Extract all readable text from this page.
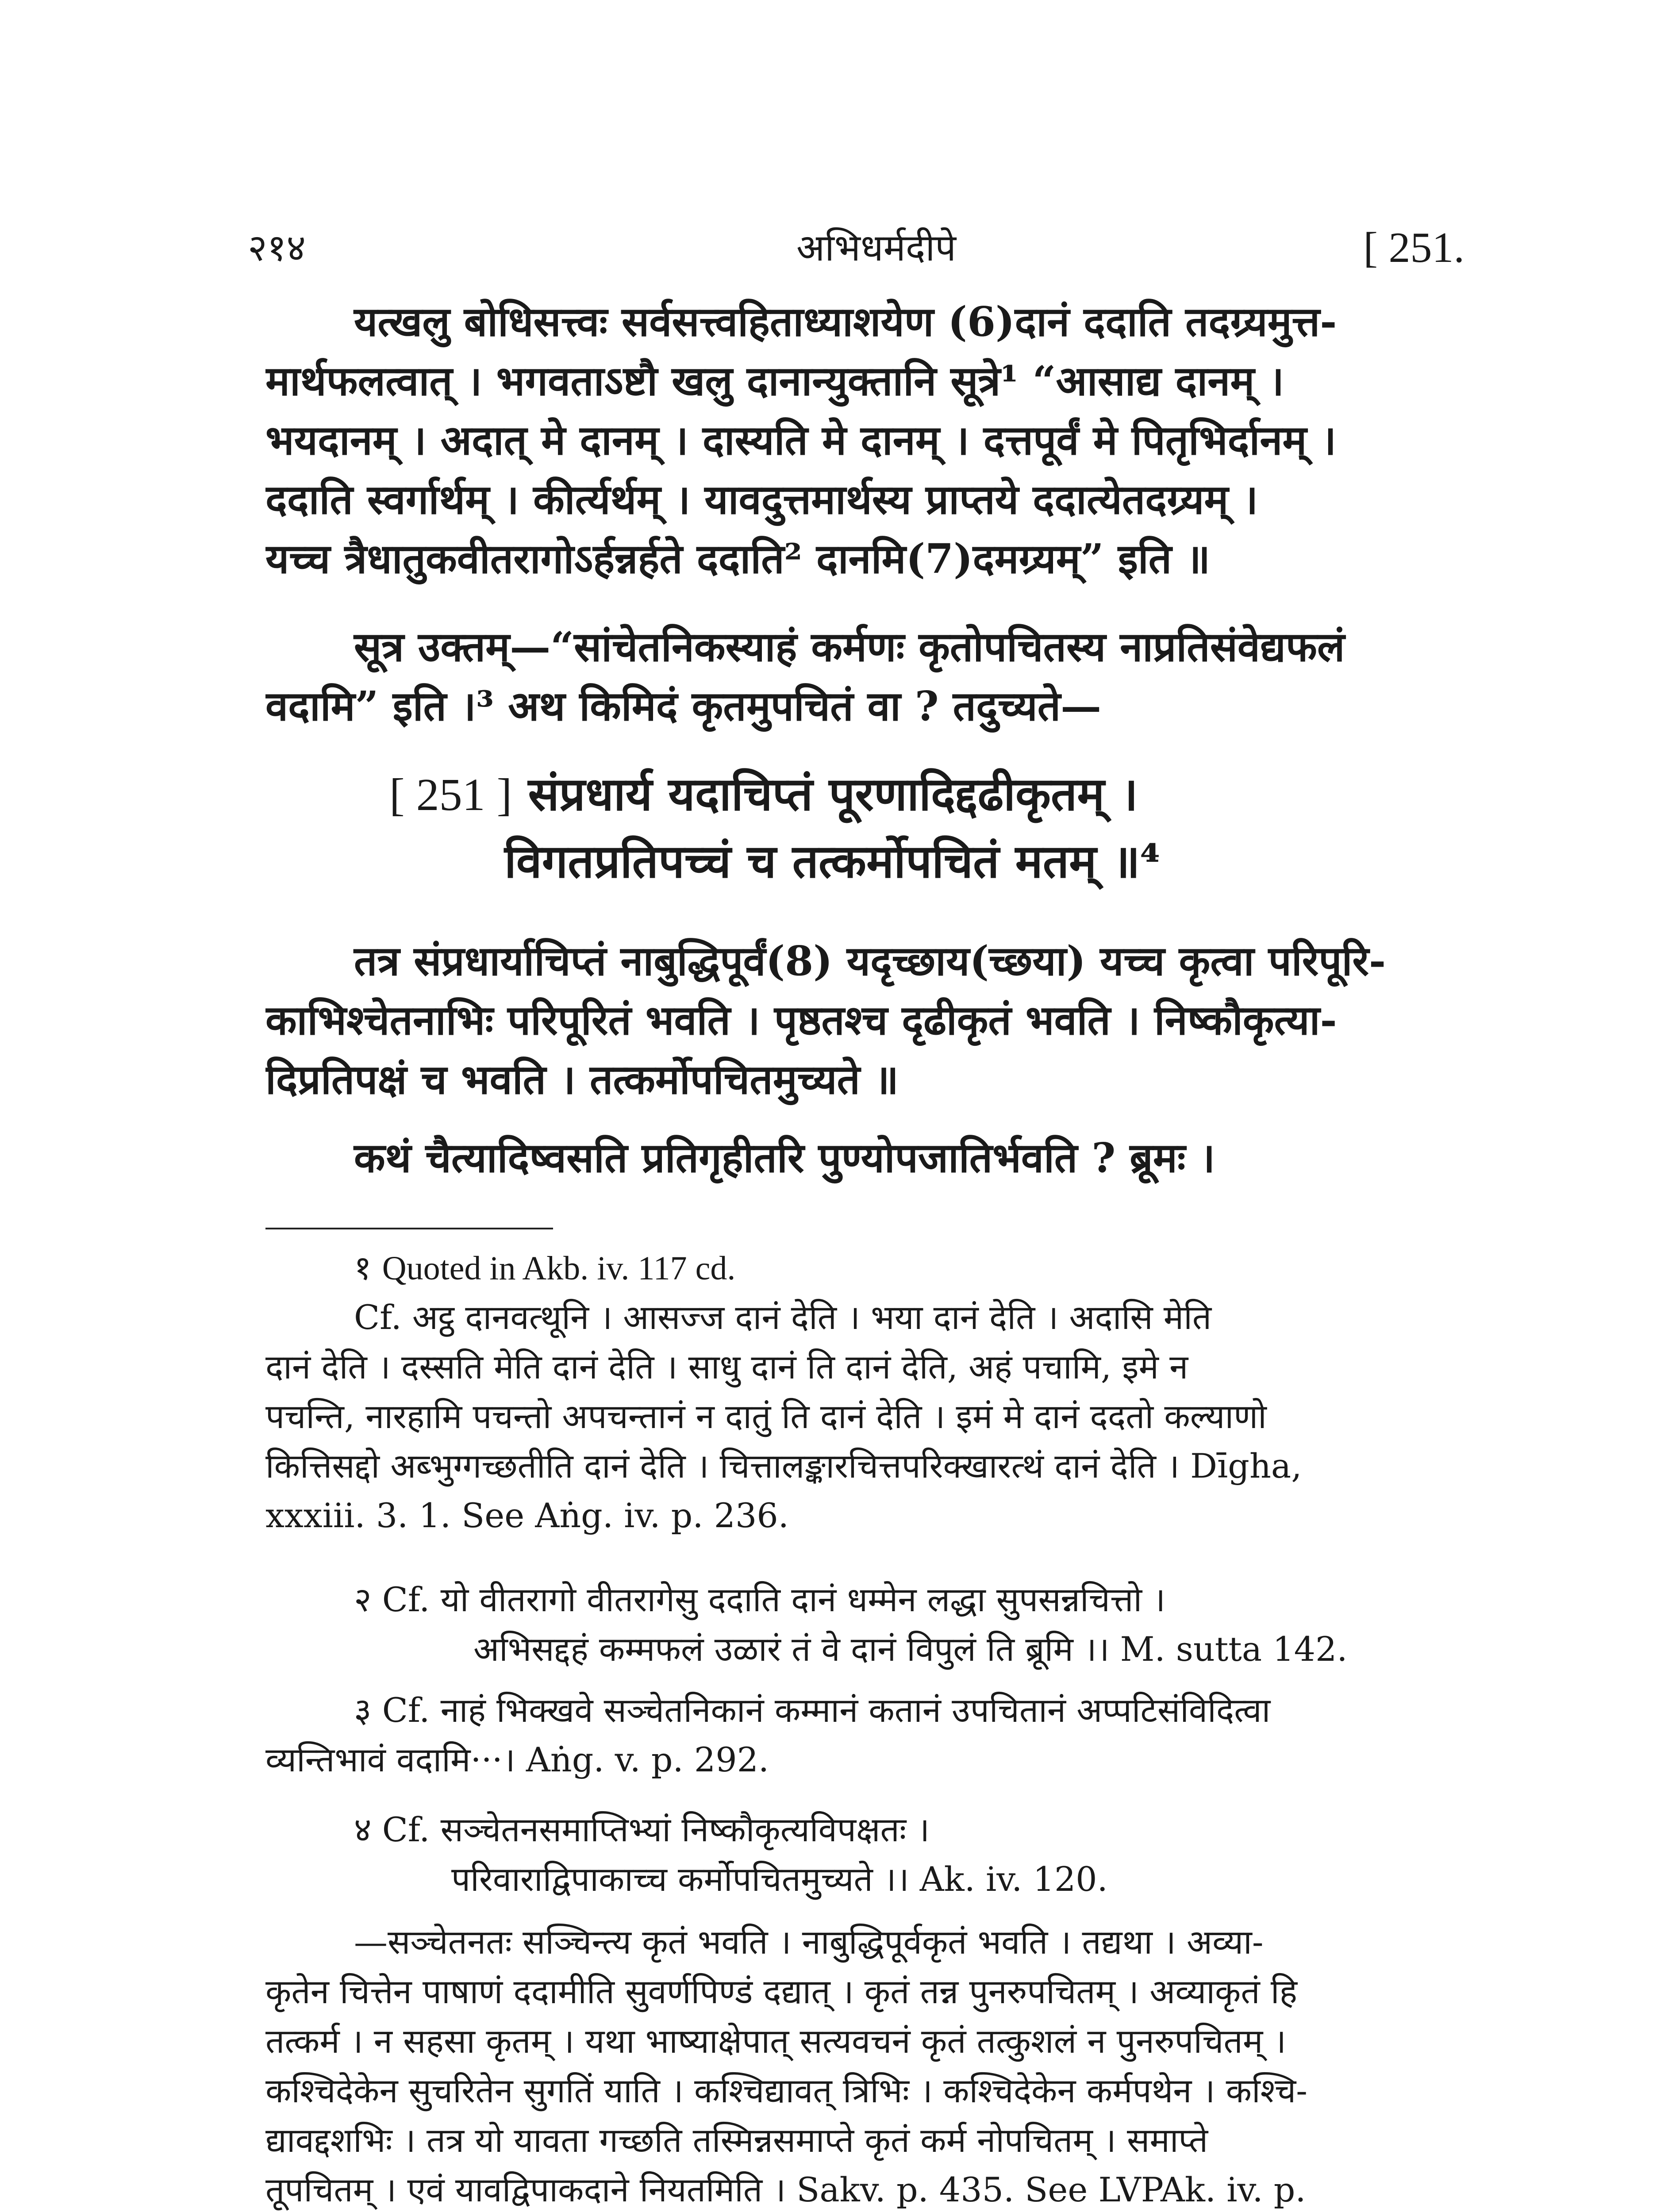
२१४	अभिधर्मदीपे	[ 251.
यत्खलु बोधिसत्त्वः सर्वसत्त्वहिताध्याशयेण (6)दानं ददाति तदग्र्यमुत्त-
मार्थफलत्वात् । भगवताऽष्टौ खलु दानान्युक्तानि सूत्रे¹ “आसाद्य दानम् ।
भयदानम् । अदात् मे दानम् । दास्यति मे दानम् । दत्तपूर्वं मे पितृभिर्दानम् ।
ददाति स्वर्गार्थम् । कीर्त्यर्थम् । यावदुत्तमार्थस्य प्राप्तये ददात्येतदग्र्यम् ।
यच्च त्रैधातुकवीतरागोऽर्हन्नर्हते ददाति² दानमि(7)दमग्र्यम्” इति ॥
सूत्र उक्तम्—“सांचेतनिकस्याहं कर्मणः कृतोपचितस्य नाप्रतिसंवेद्यफलं
वदामि” इति ।³ अथ किमिदं कृतमुपचितं वा ? तदुच्यते—
[ 251 ] संप्रधार्य यदाचिप्तं पूरणादिद्दढीकृतम् ।
विगतप्रतिपच्चं च तत्कर्मोपचितं मतम् ॥⁴
तत्र संप्रधार्याचिप्तं नाबुद्धिपूर्वं(8) यदृच्छाय(च्छया) यच्च कृत्वा परिपूरि-
काभिश्चेतनाभिः परिपूरितं भवति । पृष्ठतश्च दृढीकृतं भवति । निष्कौकृत्या-
दिप्रतिपक्षं च भवति । तत्कर्मोपचितमुच्यते ॥
कथं चैत्यादिष्वसति प्रतिगृहीतरि पुण्योपजातिर्भवति ? ब्रूमः ।
१ Quoted in Akb. iv. 117 cd.
Cf. अट्ठ दानवत्थूनि । आसज्ज दानं देति । भया दानं देति । अदासि मेति
दानं देति । दस्सति मेति दानं देति । साधु दानं ति दानं देति, अहं पचामि, इमे न
पचन्ति, नारहामि पचन्तो अपचन्तानं न दातुं ति दानं देति । इमं मे दानं ददतो कल्याणो
कित्तिसद्दो अब्भुग्गच्छतीति दानं देति । चित्तालङ्कारचित्तपरिक्खारत्थं दानं देति । Dīgha,
xxxiii. 3. 1. See Aṅg. iv. p. 236.
२ Cf. यो वीतरागो वीतरागेसु ददाति दानं धम्मेन लद्धा सुपसन्नचित्तो ।
अभिसद्दहं कम्मफलं उळारं तं वे दानं विपुलं ति ब्रूमि ।। M. sutta 142.
३ Cf. नाहं भिक्खवे सञ्चेतनिकानं कम्मानं कतानं उपचितानं अप्पटिसंविदित्वा
व्यन्तिभावं वदामि···। Aṅg. v. p. 292.
४ Cf. सञ्चेतनसमाप्तिभ्यां निष्कौकृत्यविपक्षतः ।
परिवाराद्विपाकाच्च कर्मोपचितमुच्यते ।। Ak. iv. 120.
—सञ्चेतनतः सञ्चिन्त्य कृतं भवति । नाबुद्धिपूर्वकृतं भवति । तद्यथा । अव्या-
कृतेन चित्तेन पाषाणं ददामीति सुवर्णपिण्डं दद्यात् । कृतं तन्न पुनरुपचितम् । अव्याकृतं हि
तत्कर्म । न सहसा कृतम् । यथा भाष्याक्षेपात् सत्यवचनं कृतं तत्कुशलं न पुनरुपचितम् ।
कश्चिदेकेन सुचरितेन सुगतिं याति । कश्चिद्यावत् त्रिभिः । कश्चिदेकेन कर्मपथेन । कश्चि-
द्यावद्दशभिः । तत्र यो यावता गच्छति तस्मिन्नसमाप्ते कृतं कर्म नोपचितम् । समाप्ते
तूपचितम् । एवं यावद्विपाकदाने नियतमिति । Sakv. p. 435. See LVPAk. iv. p.
